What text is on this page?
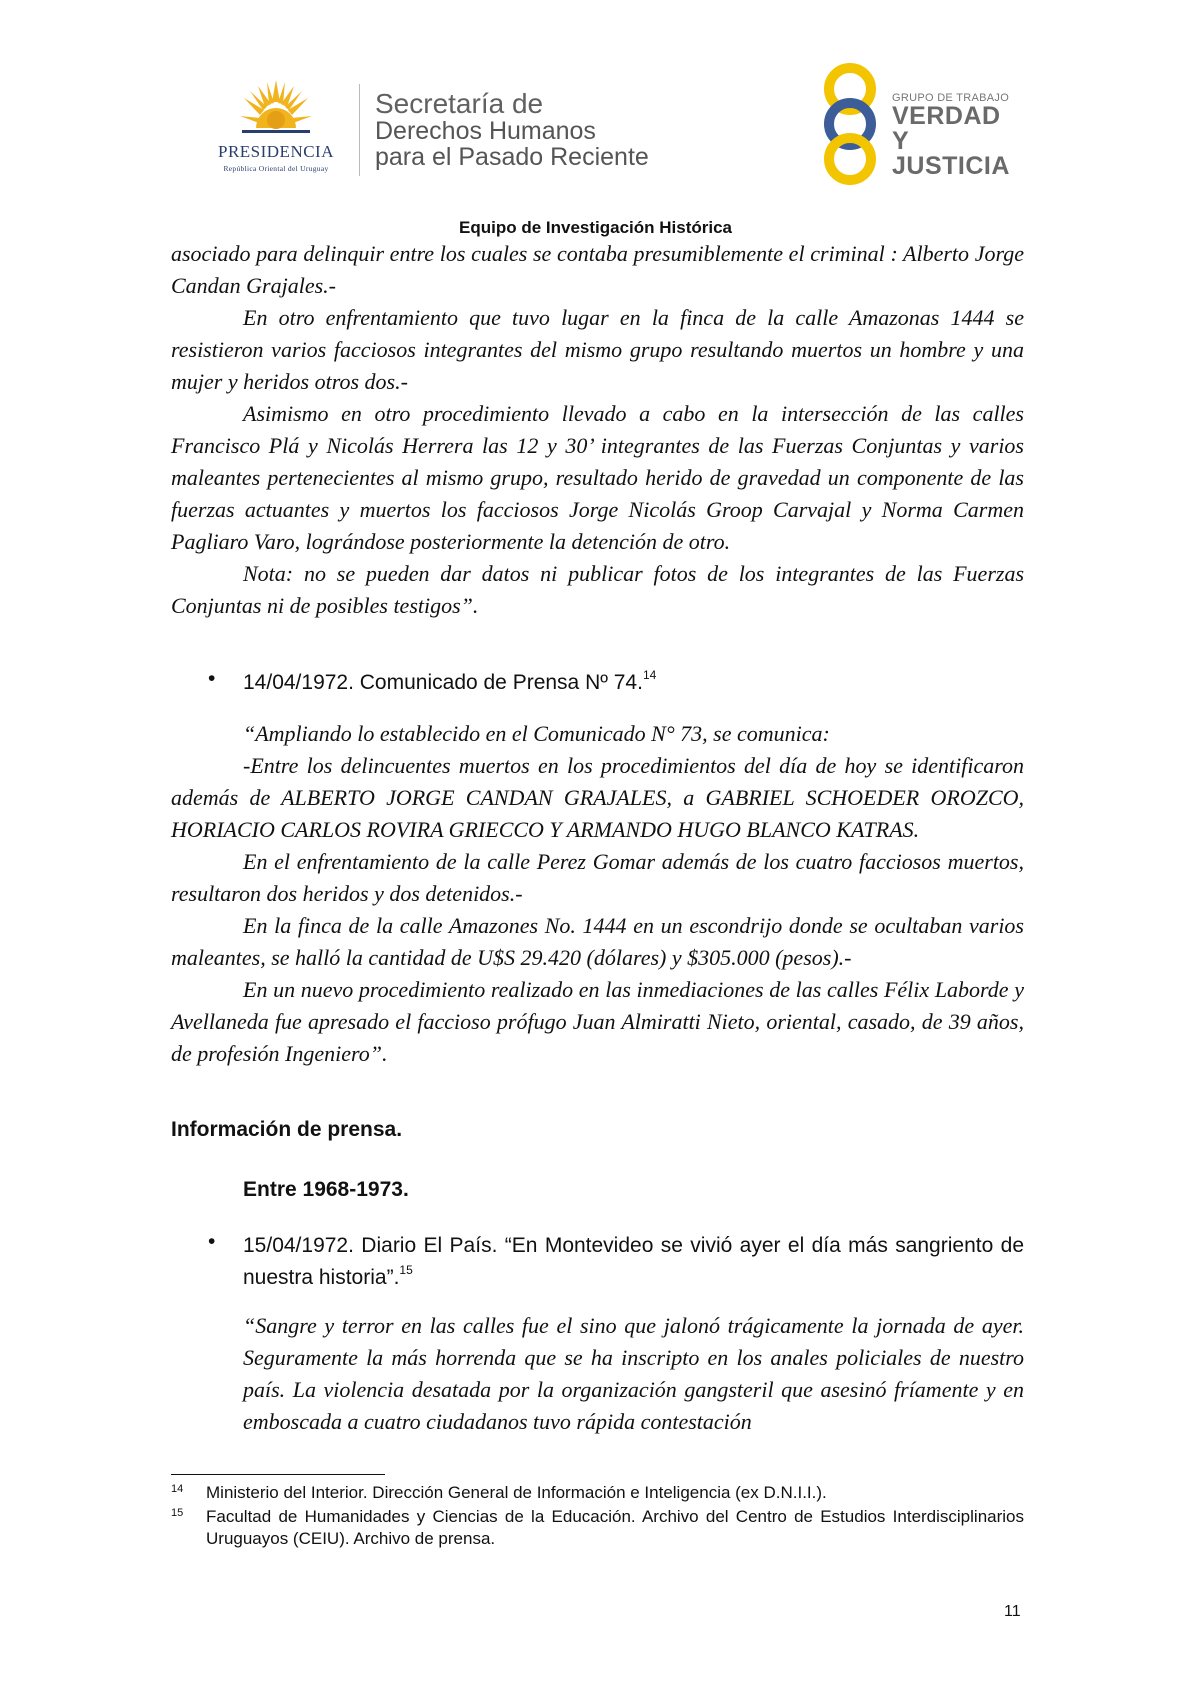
PRESIDENCIA
República Oriental del Uruguay
Secretaría de
Derechos Humanos
para el Pasado Reciente
GRUPO DE TRABAJO
VERDAD Y
JUSTICIA
Equipo de Investigación Histórica

asociado para delinquir entre los cuales se contaba presumiblemente el criminal : Alberto Jorge Candan Grajales.-

En otro enfrentamiento que tuvo lugar en la finca de la calle Amazonas 1444 se resistieron varios facciosos integrantes del mismo grupo resultando muertos un hombre y una mujer y heridos otros dos.-

Asimismo en otro procedimiento llevado a cabo en la intersección de las calles Francisco Plá y Nicolás Herrera las 12 y 30’ integrantes de las Fuerzas Conjuntas y varios maleantes pertenecientes al mismo grupo, resultado herido de gravedad un componente de las fuerzas actuantes y muertos los facciosos Jorge Nicolás Groop Carvajal y Norma Carmen Pagliaro Varo, lográndose posteriormente la detención de otro.

Nota: no se pueden dar datos ni publicar fotos de los integrantes de las Fuerzas Conjuntas ni de posibles testigos”.

• 14/04/1972. Comunicado de Prensa Nº 74.14

“Ampliando lo establecido en el Comunicado N° 73, se comunica:

-Entre los delincuentes muertos en los procedimientos del día de hoy se identificaron además de ALBERTO JORGE CANDAN GRAJALES, a GABRIEL SCHOEDER OROZCO, HORIACIO CARLOS ROVIRA GRIECCO Y ARMANDO HUGO BLANCO KATRAS.

En el enfrentamiento de la calle Perez Gomar además de los cuatro facciosos muertos, resultaron dos heridos y dos detenidos.-

En la finca de la calle Amazones No. 1444 en un escondrijo donde se ocultaban varios maleantes, se halló la cantidad de U$S 29.420 (dólares) y $305.000 (pesos).-

En un nuevo procedimiento realizado en las inmediaciones de las calles Félix Laborde y Avellaneda fue apresado el faccioso prófugo Juan Almiratti Nieto, oriental, casado, de 39 años, de profesión Ingeniero”.

Información de prensa.
Entre 1968-1973.
• 15/04/1972. Diario El País. “En Montevideo se vivió ayer el día más sangriento de nuestra historia”.$^{15}$

“Sangre y terror en las calles fue el sino que jalonó trágicamente la jornada de ayer. Seguramente la más horrenda que se ha inscripto en los anales policiales de nuestro país. La violencia desatada por la organización gangsteril que asesinó fríamente y en emboscada a cuatro ciudadanos tuvo rápida contestación

14 Ministerio del Interior. Dirección General de Información e Inteligencia (ex D.N.I.I.).
15 Facultad de Humanidades y Ciencias de la Educación. Archivo del Centro de Estudios Interdisciplinarios Uruguayos (CEIU). Archivo de prensa.
11
